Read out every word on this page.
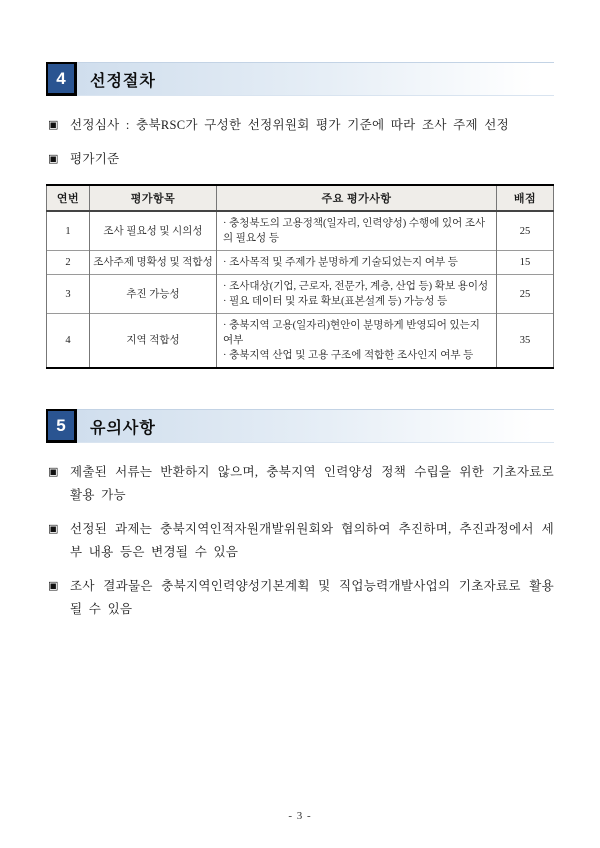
4	선정절차
▣ 선정심사 : 충북RSC가 구성한 선정위원회 평가 기준에 따라 조사 주제 선정
▣ 평가기준
연번	평가항목	주요 평가사항	배점
1	조사 필요성 및 시의성	· 충청북도의 고용정책(일자리, 인력양성) 수행에 있어 조사의 필요성 등	25
2	조사주제 명확성 및 적합성	· 조사목적 및 주제가 분명하게 기술되었는지 여부 등	15
3	추진 가능성	· 조사대상(기업, 근로자, 전문가, 계층, 산업 등) 확보 용이성
· 필요 데이터 및 자료 확보(표본설계 등) 가능성 등	25
4	지역 적합성	· 충북지역 고용(일자리)현안이 분명하게 반영되어 있는지 여부
· 충북지역 산업 및 고용 구조에 적합한 조사인지 여부 등	35
5	유의사항
▣ 제출된 서류는 반환하지 않으며, 충북지역 인력양성 정책 수립을 위한 기초자료로 활용 가능
▣ 선정된 과제는 충북지역인적자원개발위원회와 협의하여 추진하며, 추진과정에서 세부 내용 등은 변경될 수 있음
▣ 조사 결과물은 충북지역인력양성기본계획 및 직업능력개발사업의 기초자료로 활용 될 수 있음
- 3 -
